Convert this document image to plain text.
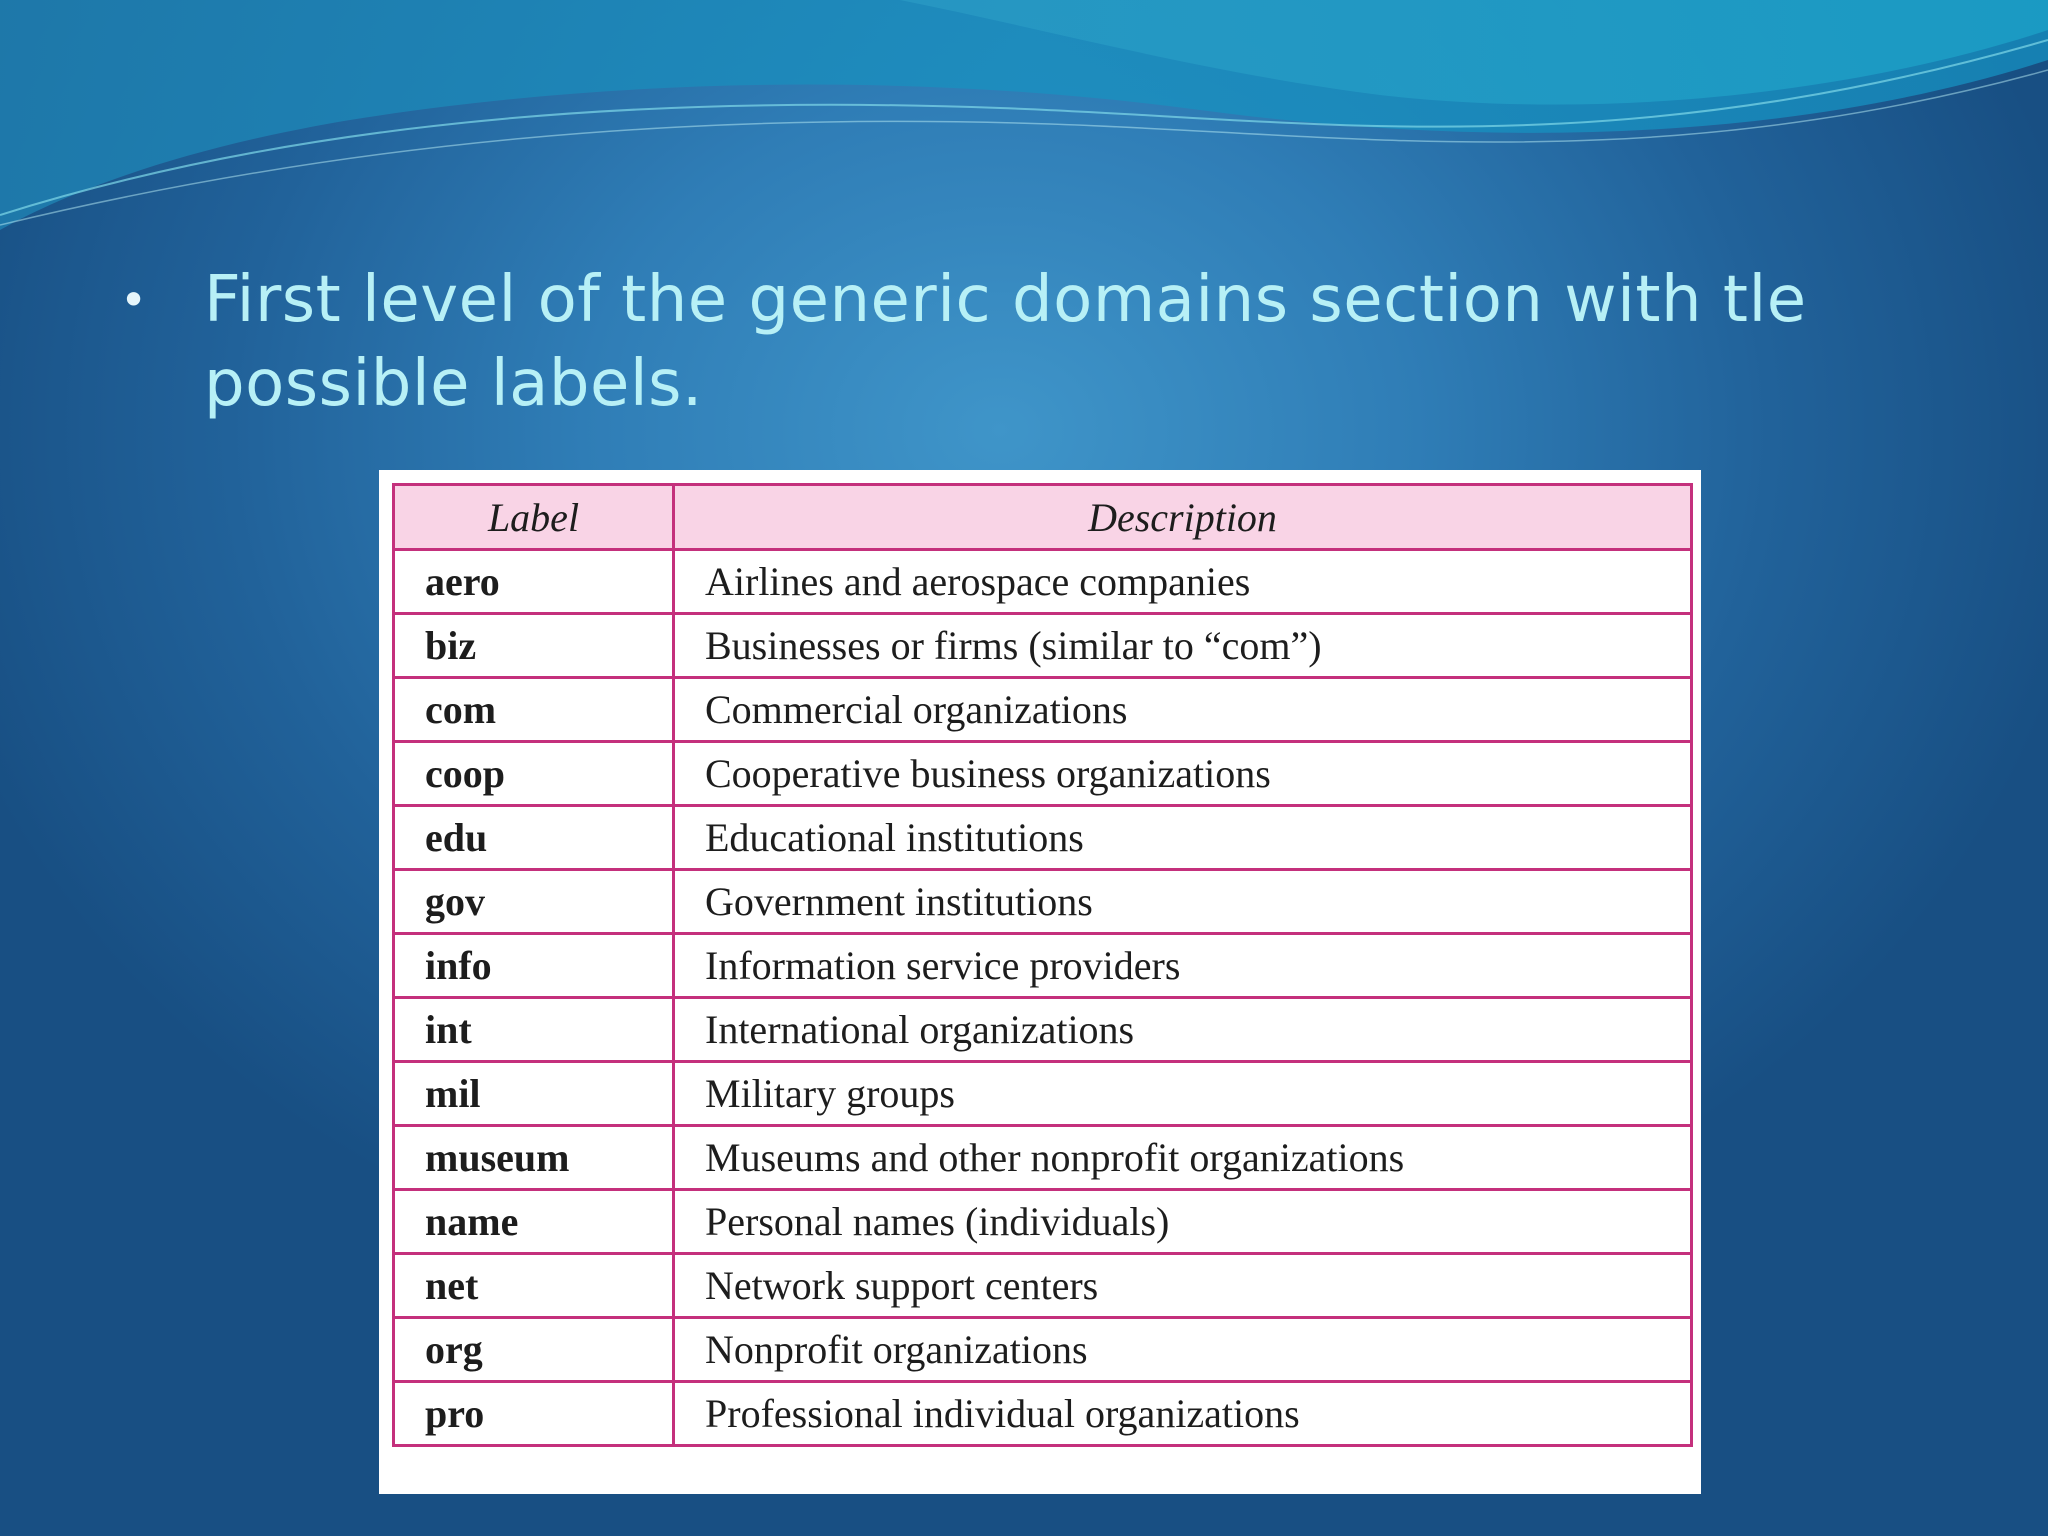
• First level of the generic domains section with tle possible labels.
Label	Description
aero	Airlines and aerospace companies
biz	Businesses or firms (similar to “com”)
com	Commercial organizations
coop	Cooperative business organizations
edu	Educational institutions
gov	Government institutions
info	Information service providers
int	International organizations
mil	Military groups
museum	Museums and other nonprofit organizations
name	Personal names (individuals)
net	Network support centers
org	Nonprofit organizations
pro	Professional individual organizations
